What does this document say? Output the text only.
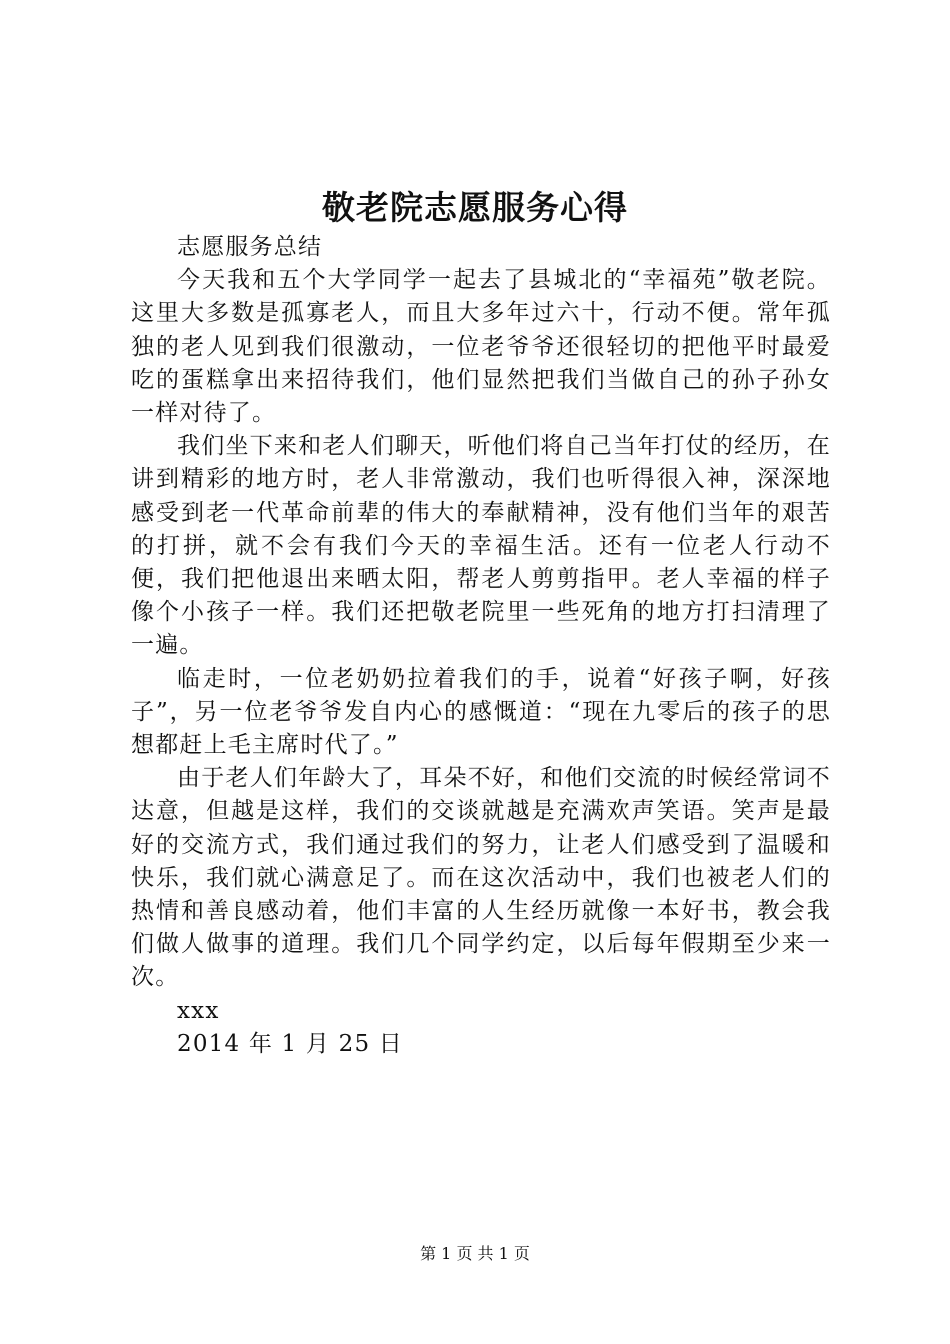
敬老院志愿服务心得

志愿服务总结

今天我和五个大学同学一起去了县城北的“幸福苑”敬老院。这里大多数是孤寡老人，而且大多年过六十，行动不便。常年孤独的老人见到我们很激动，一位老爷爷还很轻切的把他平时最爱吃的蛋糕拿出来招待我们，他们显然把我们当做自己的孙子孙女一样对待了。

我们坐下来和老人们聊天，听他们将自己当年打仗的经历，在讲到精彩的地方时，老人非常激动，我们也听得很入神，深深地感受到老一代革命前辈的伟大的奉献精神，没有他们当年的艰苦的打拼，就不会有我们今天的幸福生活。还有一位老人行动不便，我们把他退出来晒太阳，帮老人剪剪指甲。老人幸福的样子像个小孩子一样。我们还把敬老院里一些死角的地方打扫清理了一遍。

临走时，一位老奶奶拉着我们的手，说着“好孩子啊，好孩子”，另一位老爷爷发自内心的感慨道：“现在九零后的孩子的思想都赶上毛主席时代了。”

由于老人们年龄大了，耳朵不好，和他们交流的时候经常词不达意，但越是这样，我们的交谈就越是充满欢声笑语。笑声是最好的交流方式，我们通过我们的努力，让老人们感受到了温暖和快乐，我们就心满意足了。而在这次活动中，我们也被老人们的热情和善良感动着，他们丰富的人生经历就像一本好书，教会我们做人做事的道理。我们几个同学约定，以后每年假期至少来一次。

xxx

2014 年 1 月 25 日

第 1 页 共 1 页
